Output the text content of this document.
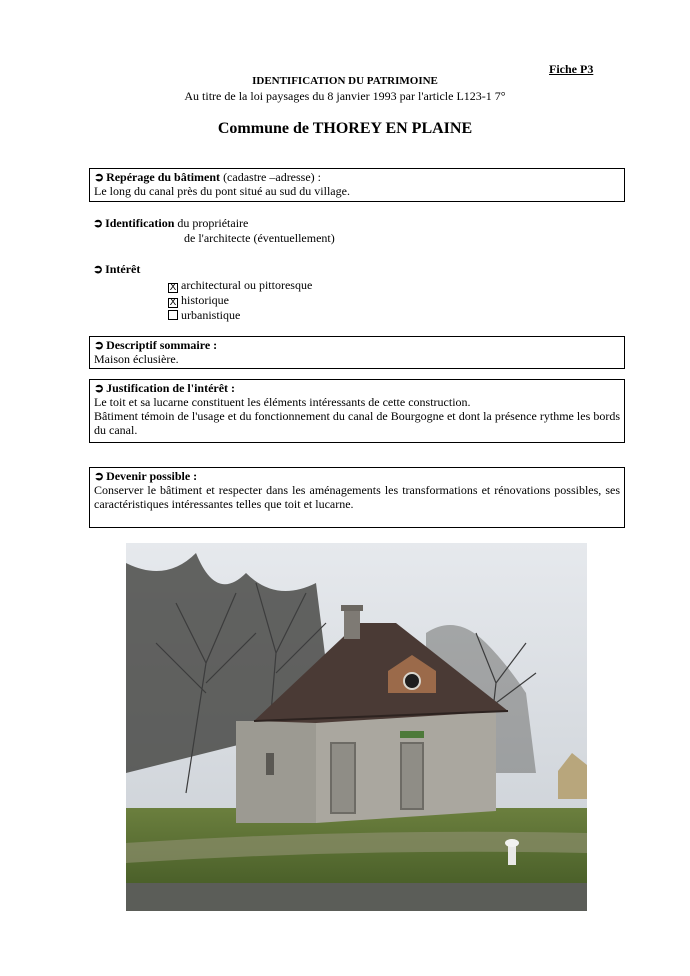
Fiche P3
IDENTIFICATION DU PATRIMOINE
Au titre de la loi paysages du 8 janvier 1993 par l'article L123-1 7°
Commune de THOREY EN PLAINE
➲ Repérage du bâtiment (cadastre –adresse) :
Le long du canal près du pont situé au sud du village.
➲ Identification du propriétaire
de l'architecte (éventuellement)
➲ Intérêt
X architectural ou pittoresque
X historique
urbanistique
➲ Descriptif sommaire :
Maison éclusière.
➲ Justification de l'intérêt :
Le toit et sa lucarne constituent les éléments intéressants de cette construction.
Bâtiment témoin de l'usage et du fonctionnement du canal de Bourgogne et dont la présence rythme les bords du canal.
➲ Devenir possible :
Conserver le bâtiment et respecter dans les aménagements les transformations et rénovations possibles, ses caractéristiques intéressantes telles que toit et lucarne.
